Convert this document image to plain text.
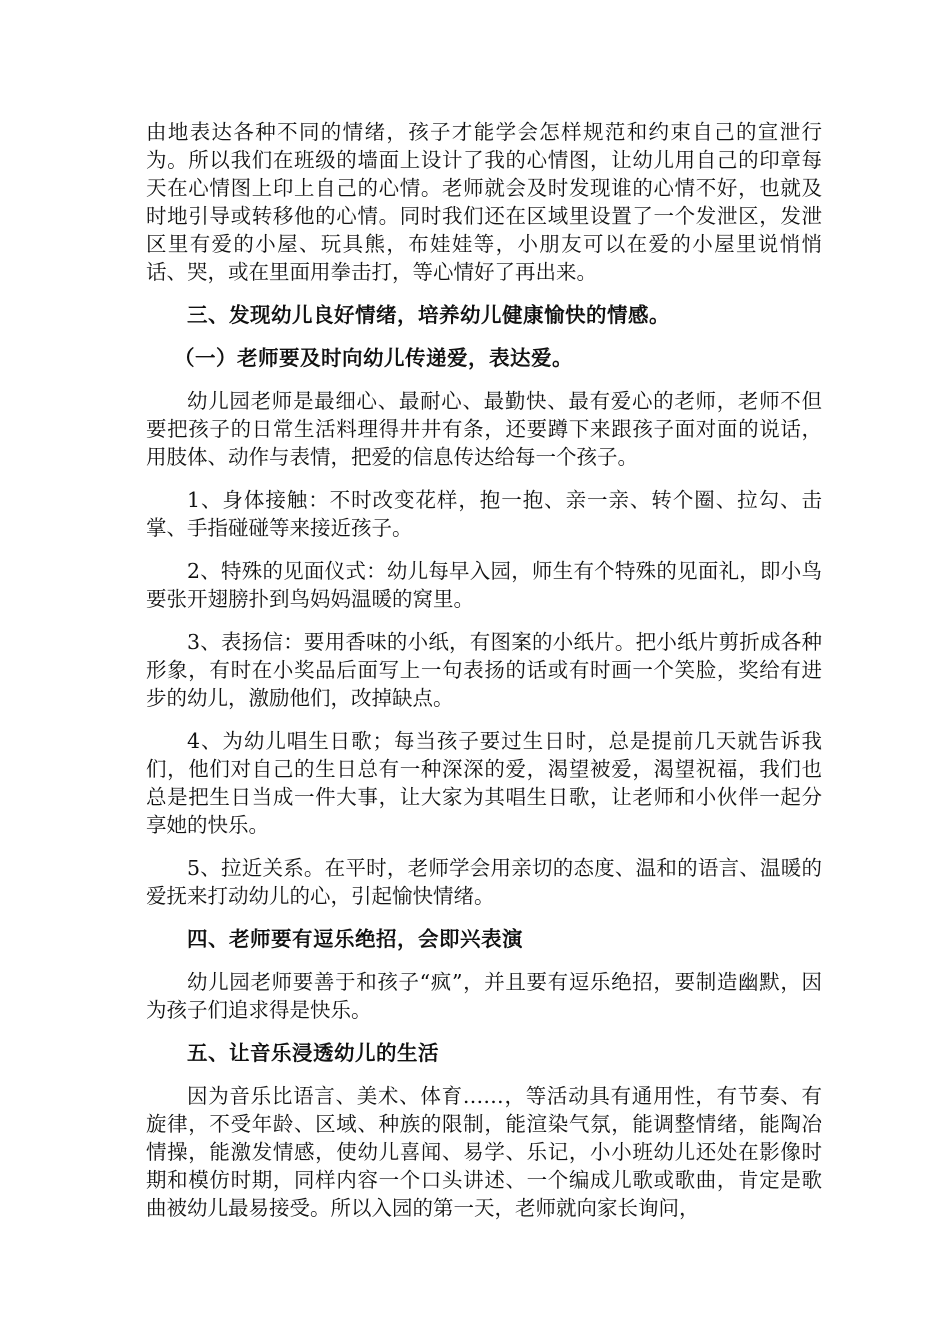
由地表达各种不同的情绪，孩子才能学会怎样规范和约束自己的宣泄行为。所以我们在班级的墙面上设计了我的心情图，让幼儿用自己的印章每天在心情图上印上自己的心情。老师就会及时发现谁的心情不好，也就及时地引导或转移他的心情。同时我们还在区域里设置了一个发泄区，发泄区里有爱的小屋、玩具熊，布娃娃等，小朋友可以在爱的小屋里说悄悄话、哭，或在里面用拳击打，等心情好了再出来。

三、发现幼儿良好情绪，培养幼儿健康愉快的情感。

（一）老师要及时向幼儿传递爱，表达爱。

幼儿园老师是最细心、最耐心、最勤快、最有爱心的老师，老师不但要把孩子的日常生活料理得井井有条，还要蹲下来跟孩子面对面的说话，用肢体、动作与表情，把爱的信息传达给每一个孩子。

1、身体接触：不时改变花样，抱一抱、亲一亲、转个圈、拉勾、击掌、手指碰碰等来接近孩子。

2、特殊的见面仪式：幼儿每早入园，师生有个特殊的见面礼，即小鸟要张开翅膀扑到鸟妈妈温暖的窝里。

3、表扬信：要用香味的小纸，有图案的小纸片。把小纸片剪折成各种形象，有时在小奖品后面写上一句表扬的话或有时画一个笑脸，奖给有进步的幼儿，激励他们，改掉缺点。

4、为幼儿唱生日歌；每当孩子要过生日时，总是提前几天就告诉我们，他们对自己的生日总有一种深深的爱，渴望被爱，渴望祝福，我们也总是把生日当成一件大事，让大家为其唱生日歌，让老师和小伙伴一起分享她的快乐。

5、拉近关系。在平时，老师学会用亲切的态度、温和的语言、温暖的爱抚来打动幼儿的心，引起愉快情绪。

四、老师要有逗乐绝招，会即兴表演

幼儿园老师要善于和孩子“疯”，并且要有逗乐绝招，要制造幽默，因为孩子们追求得是快乐。

五、让音乐浸透幼儿的生活

因为音乐比语言、美术、体育……，等活动具有通用性，有节奏、有旋律，不受年龄、区域、种族的限制，能渲染气氛，能调整情绪，能陶冶情操，能激发情感，使幼儿喜闻、易学、乐记，小小班幼儿还处在影像时期和模仿时期，同样内容一个口头讲述、一个编成儿歌或歌曲，肯定是歌曲被幼儿最易接受。所以入园的第一天，老师就向家长询问，
